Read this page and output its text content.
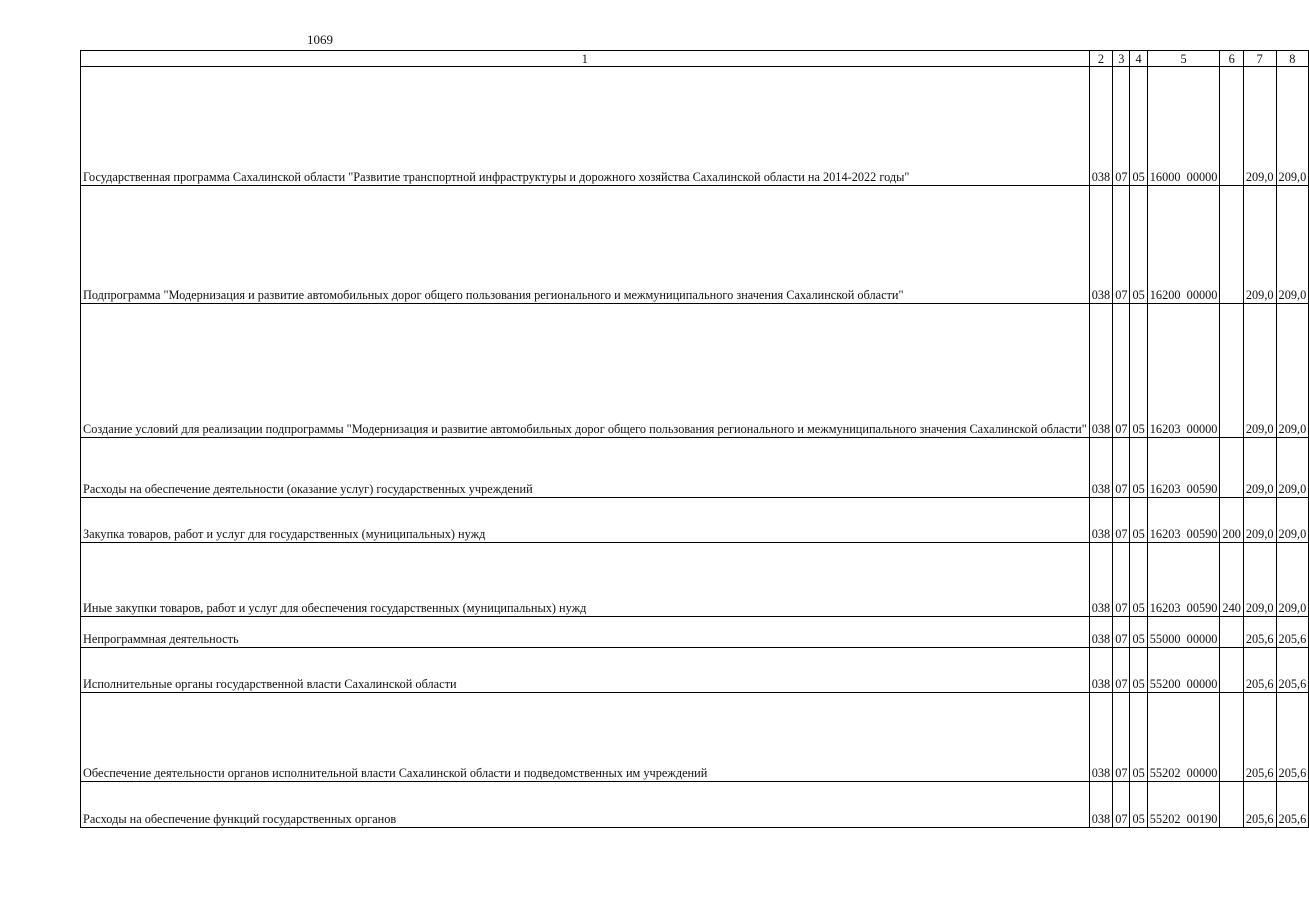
1069
1	2	3	4	5	6	7	8

Государственная программа Сахалинской области "Развитие транспортной инфраструктуры и дорожного хозяйства Сахалинской области на 2014-2022 годы"	038	07	05	16000  00000		209,0	209,0

Подпрограмма "Модернизация и развитие автомобильных дорог общего пользования регионального и межмуниципального значения Сахалинской области"	038	07	05	16200  00000		209,0	209,0

Создание условий для реализации подпрограммы "Модернизация и развитие автомобильных дорог общего пользования регионального и межмуниципального значения Сахалинской области"	038	07	05	16203  00000		209,0	209,0

Расходы на обеспечение деятельности (оказание услуг) государственных учреждений	038	07	05	16203  00590		209,0	209,0

Закупка товаров, работ и услуг для государственных (муниципальных) нужд	038	07	05	16203  00590	200	209,0	209,0

Иные закупки товаров, работ и услуг для обеспечения государственных (муниципальных) нужд	038	07	05	16203  00590	240	209,0	209,0

Непрограммная деятельность	038	07	05	55000  00000		205,6	205,6

Исполнительные органы государственной власти Сахалинской области	038	07	05	55200  00000		205,6	205,6

Обеспечение деятельности органов исполнительной власти Сахалинской области и подведомственных им учреждений	038	07	05	55202  00000		205,6	205,6

Расходы на обеспечение функций государственных органов	038	07	05	55202  00190		205,6	205,6
